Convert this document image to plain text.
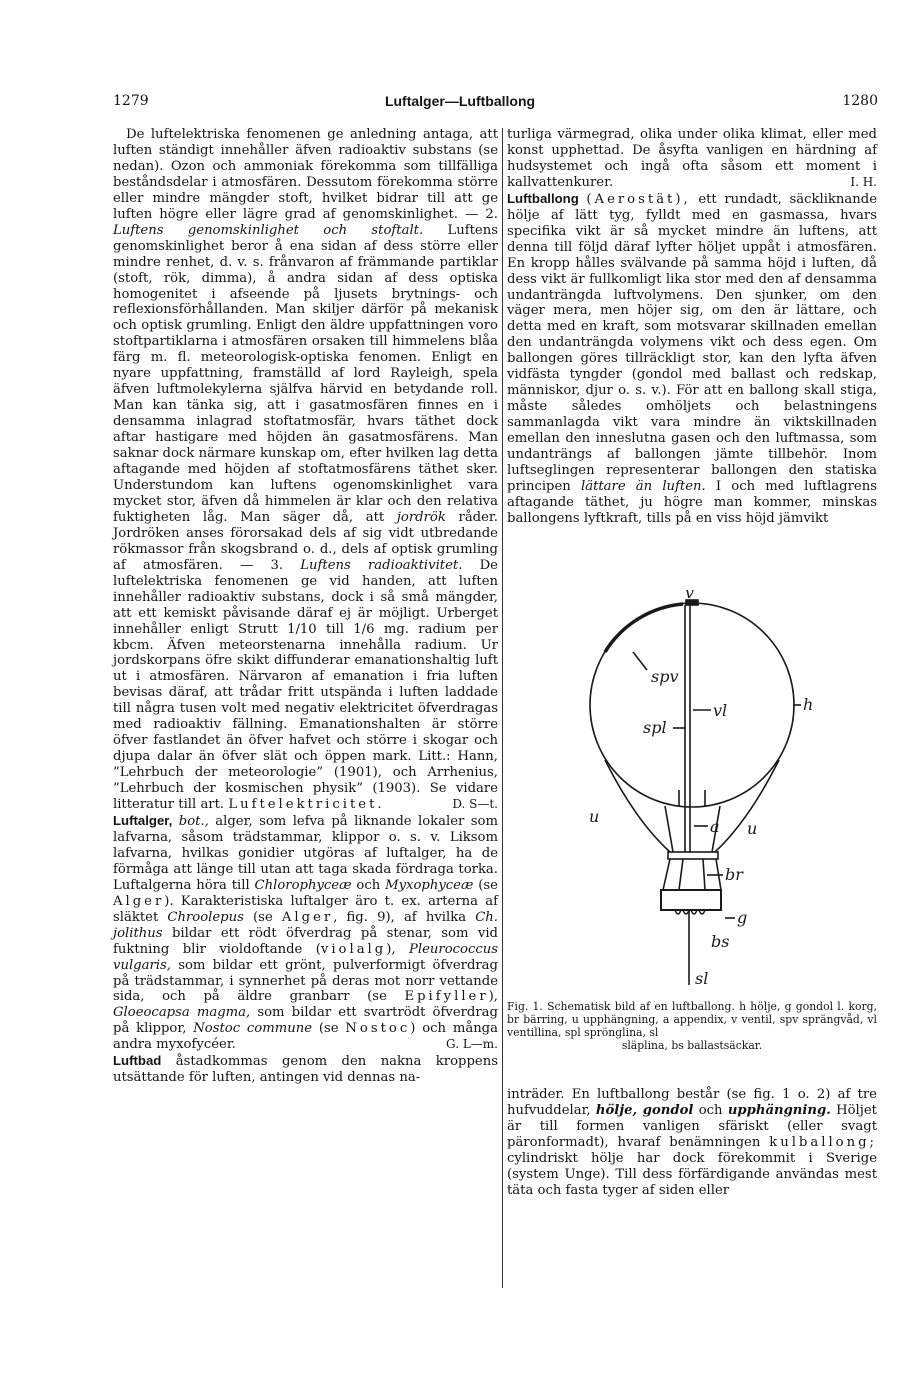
1279	Luftalger—Luftballong	1280

De luftelektriska fenomenen ge anledning antaga, att luften ständigt innehåller äfven radioaktiv substans (se nedan). Ozon och ammoniak förekomma som tillfälliga beståndsdelar i atmosfären. Dessutom förekomma större eller mindre mängder stoft, hvilket bidrar till att ge luften högre eller lägre grad af genomskinlighet. — 2. Luftens genomskinlighet och stoftalt. Luftens genomskinlighet beror å ena sidan af dess större eller mindre renhet, d. v. s. frånvaron af främmande partiklar (stoft, rök, dimma), å andra sidan af dess optiska homogenitet i afseende på ljusets brytnings- och reflexionsförhållanden. Man skiljer därför på mekanisk och optisk grumling. Enligt den äldre uppfattningen voro stoftpartiklarna i atmosfären orsaken till himmelens blåa färg m. fl. meteorologisk-optiska fenomen. Enligt en nyare uppfattning, framställd af lord Rayleigh, spela äfven luftmolekylerna själfva härvid en betydande roll. Man kan tänka sig, att i gasatmosfären finnes en i densamma inlagrad stoftatmosfär, hvars täthet dock aftar hastigare med höjden än gasatmosfärens. Man saknar dock närmare kunskap om, efter hvilken lag detta aftagande med höjden af stoftatmosfärens täthet sker. Understundom kan luftens ogenomskinlighet vara mycket stor, äfven då himmelen är klar och den relativa fuktigheten låg. Man säger då, att jordrök råder. Jordröken anses förorsakad dels af sig vidt utbredande rökmassor från skogsbrand o. d., dels af optisk grumling af atmosfären. — 3. Luftens radioaktivitet. De luftelektriska fenomenen ge vid handen, att luften innehåller radioaktiv substans, dock i så små mängder, att ett kemiskt påvisande däraf ej är möjligt. Urberget innehåller enligt Strutt 1/10 till 1/6 mg. radium per kbcm. Äfven meteorstenarna innehålla radium. Ur jordskorpans öfre skikt diffunderar emanationshaltig luft ut i atmosfären. Närvaron af emanation i fria luften bevisas däraf, att trådar fritt utspända i luften laddade till några tusen volt med negativ elektricitet öfverdragas med radioaktiv fällning. Emanationshalten är större öfver fastlandet än öfver hafvet och större i skogar och djupa dalar än öfver slät och öppen mark. Litt.: Hann, ”Lehrbuch der meteorologie” (1901), och Arrhenius, ”Lehrbuch der kosmischen physik” (1903). Se vidare litteratur till art. Luftelektricitet.	D. S—t.

Luftalger, bot., alger, som lefva på liknande lokaler som lafvarna, såsom trädstammar, klippor o. s. v. Liksom lafvarna, hvilkas gonidier utgöras af luftalger, ha de förmåga att länge till utan att taga skada fördraga torka. Luftalgerna höra till Chlorophyceæ och Myxophyceæ (se Alger). Karakteristiska luftalger äro t. ex. arterna af släktet Chroolepus (se Alger, fig. 9), af hvilka Ch. jolithus bildar ett rödt öfverdrag på stenar, som vid fuktning blir violdoftande (violalg), Pleurococcus vulgaris, som bildar ett grönt, pulverformigt öfverdrag på trädstammar, i synnerhet på deras mot norr vettande sida, och på äldre granbarr (se Epifyller), Gloeocapsa magma, som bildar ett svartrödt öfverdrag på klippor, Nostoc commune (se Nostoc) och många andra myxofycéer.	G. L—m.

Luftbad åstadkommas genom den nakna kroppens utsättande för luften, antingen vid dennas na-

turliga värmegrad, olika under olika klimat, eller med konst upphettad. De åsyfta vanligen en härdning af hudsystemet och ingå ofta såsom ett moment i kallvattenkurer.	I. H.

Luftballong (Aerostät), ett rundadt, säckliknande hölje af lätt tyg, fylldt med en gasmassa, hvars specifika vikt är så mycket mindre än luftens, att denna till följd däraf lyfter höljet uppåt i atmosfären. En kropp hålles svälvande på samma höjd i luften, då dess vikt är fullkomligt lika stor med den af densamma undanträngda luftvolymens. Den sjunker, om den väger mera, men höjer sig, om den är lättare, och detta med en kraft, som motsvarar skillnaden emellan den undanträngda volymens vikt och dess egen. Om ballongen göres tillräckligt stor, kan den lyfta äfven vidfästa tyngder (gondol med ballast och redskap, människor, djur o. s. v.). För att en ballong skall stiga, måste således omhöljets och belastningens sammanlagda vikt vara mindre än viktskillnaden emellan den inneslutna gasen och den luftmassa, som undanträngs af ballongen jämte tillbehör. Inom luftseglingen representerar ballongen den statiska principen lättare än luften. I och med luftlagrens aftagande täthet, ju högre man kommer, minskas ballongens lyftkraft, tills på en viss höjd jämvikt

v
spv
vl	h
spl
u
a u
br
g
bs
sl
Fig. 1. Schematisk bild af en luftballong. h hölje, g gondol l. korg, br bärring, u upphängning, a appendix, v ventil, spv sprängvåd, vl ventillina, spl sprönglina, sl
släplina, bs ballastsäckar.

inträder. En luftballong består (se fig. 1 o. 2) af tre hufvuddelar, hölje, gondol och upphängning. Höljet är till formen vanligen sfäriskt (eller svagt päronformadt), hvaraf benämningen kulballong; cylindriskt hölje har dock förekommit i Sverige (system Unge). Till dess förfärdigande användas mest täta och fasta tyger af siden eller
